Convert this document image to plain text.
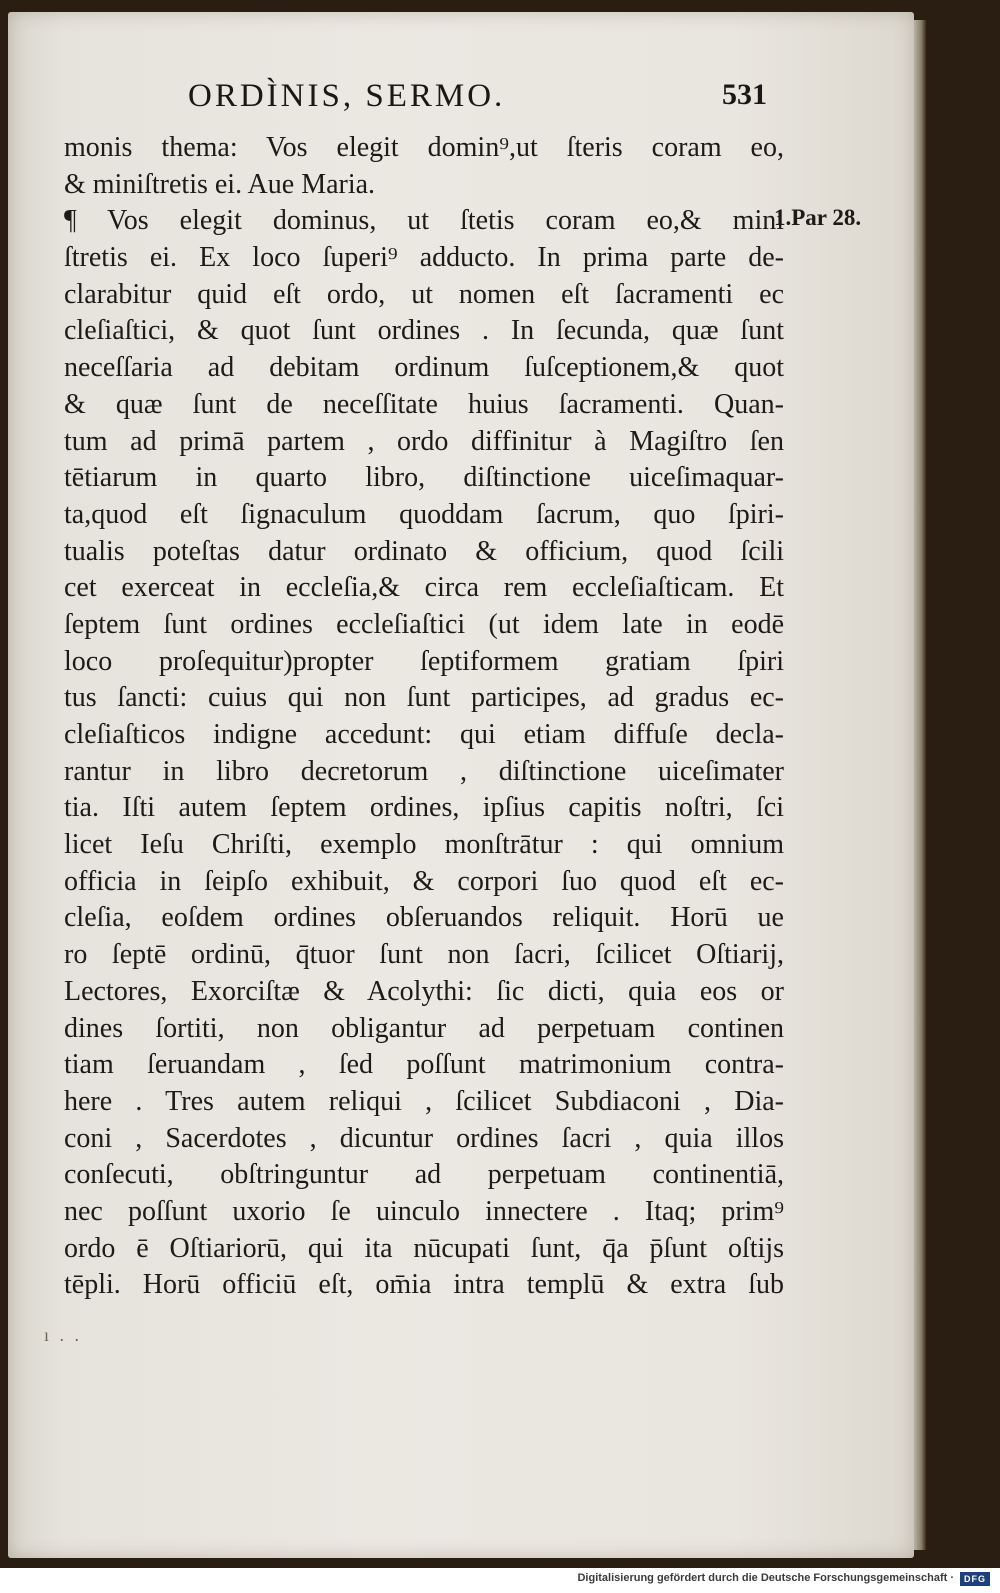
ORDÌNIS, SERMO.	531
1.Par 28.
monis thema: Vos elegit domin⁹,ut ſteris coram eo,
& miniſtretis ei. Aue Maria.
¶ Vos elegit dominus, ut ſtetis coram eo,& mini
ſtretis ei. Ex loco ſuperi⁹ adducto. In prima parte de-
clarabitur quid eſt ordo, ut nomen eſt ſacramenti ec
cleſiaſtici, & quot ſunt ordines . In ſecunda, quæ ſunt
neceſſaria ad debitam ordinum ſuſceptionem,& quot
& quæ ſunt de neceſſitate huius ſacramenti. Quan-
tum ad primā partem , ordo diffinitur à Magiſtro ſen
tētiarum in quarto libro, diſtinctione uiceſimaquar-
ta,quod eſt ſignaculum quoddam ſacrum, quo ſpiri-
tualis poteſtas datur ordinato & officium, quod ſcili
cet exerceat in eccleſia,& circa rem eccleſiaſticam. Et
ſeptem ſunt ordines eccleſiaſtici (ut idem late in eodē
loco proſequitur)propter ſeptiformem gratiam ſpiri
tus ſancti: cuius qui non ſunt participes, ad gradus ec-
cleſiaſticos indigne accedunt: qui etiam diffuſe decla-
rantur in libro decretorum , diſtinctione uiceſimater
tia. Iſti autem ſeptem ordines, ipſius capitis noſtri, ſci
licet Ieſu Chriſti, exemplo monſtrātur : qui omnium
officia in ſeipſo exhibuit, & corpori ſuo quod eſt ec-
cleſia, eoſdem ordines obſeruandos reliquit. Horū ue
ro ſeptē ordinū, q̄tuor ſunt non ſacri, ſcilicet Oſtiarij,
Lectores, Exorciſtæ & Acolythi: ſic dicti, quia eos or
dines ſortiti, non obligantur ad perpetuam continen
tiam ſeruandam , ſed poſſunt matrimonium contra-
here . Tres autem reliqui , ſcilicet Subdiaconi , Dia-
coni , Sacerdotes , dicuntur ordines ſacri , quia illos
conſecuti, obſtringuntur ad perpetuam continentiā,
nec poſſunt uxorio ſe uinculo innectere . Itaq; prim⁹
ordo ē Oſtiariorū, qui ita nūcupati ſunt, q̄a p̄ſunt oſtijs
tēpli. Horū officiū eſt, om̄ia intra templū & extra ſub
ı . .
Digitalisierung gefördert durch die Deutsche Forschungsgemeinschaft ·	DFG
